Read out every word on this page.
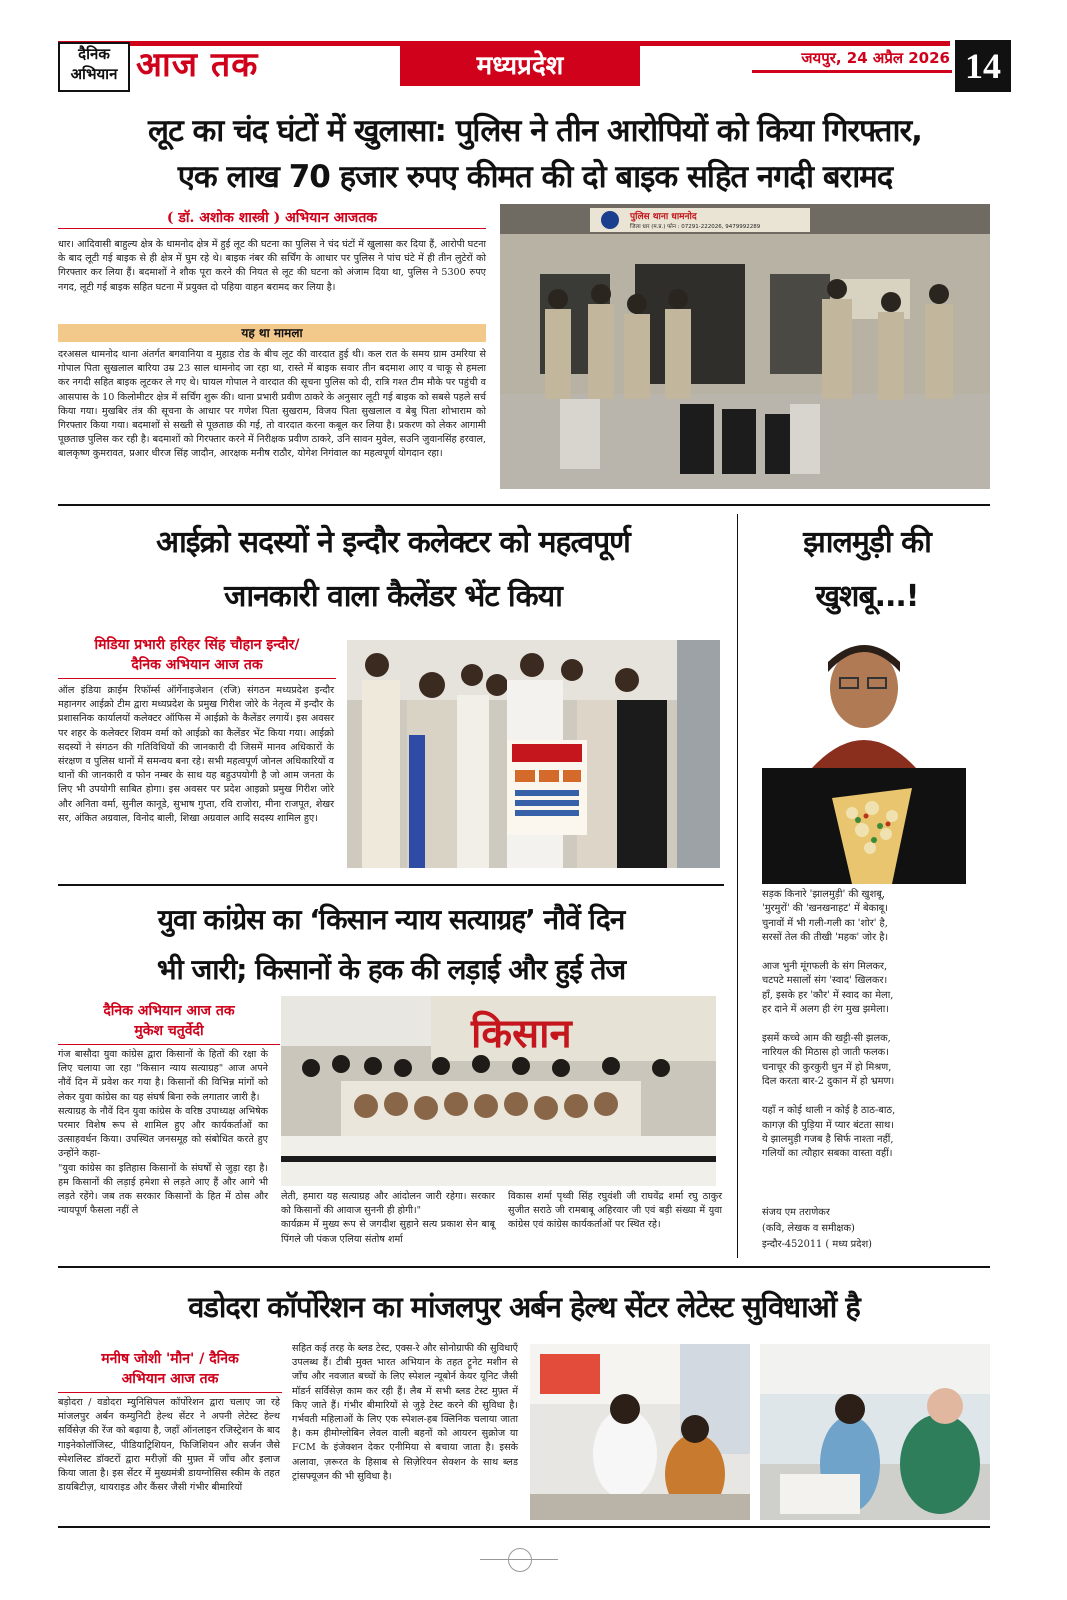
दैनिक
अभियान आज तक	मध्यप्रदेश	जयपुर, 24 अप्रैल 2026 14
लूट का चंद घंटों में खुलासा: पुलिस ने तीन आरोपियों को किया गिरफ्तार,
एक लाख 70 हजार रुपए कीमत की दो बाइक सहित नगदी बरामद
( डॉ. अशोक शास्त्री ) अभियान आजतक
धार। आदिवासी बाहुल्य क्षेत्र के धामनोद क्षेत्र में हुई लूट की घटना का पुलिस ने चंद घंटों में खुलासा कर दिया हैं, आरोपी घटना के बाद लूटी गई बाइक से ही क्षेत्र में घुम रहे थे। बाइक नंबर की सर्चिंग के आधार पर पुलिस ने पांच घंटे में ही तीन लुटेरों को गिरफ्तार कर लिया हैं। बदमाशों ने शौक पूरा करने की नियत से लूट की घटना को अंजाम दिया था, पुलिस ने 5300 रुपए नगद, लूटी गई बाइक सहित घटना में प्रयुक्त दो पहिया वाहन बरामद कर लिया है।
यह था मामला
दरअसल धामनोद थाना अंतर्गत बगवानिया व मुहाड रोड के बीच लूट की वारदात हुई थी। कल रात के समय ग्राम उमरिया से गोपाल पिता सुखलाल बारिया उम्र 23 साल धामनोद जा रहा था, रास्ते में बाइक सवार तीन बदमाश आए व चाकू से हमला कर नगदी सहित बाइक लूटकर ले गए थे। घायल गोपाल ने वारदात की सूचना पुलिस को दी, रात्रि गश्त टीम मौके पर पहुंची व आसपास के 10 किलोमीटर क्षेत्र में सर्चिंग शुरू की। थाना प्रभारी प्रवीण ठाकरे के अनुसार लूटी गई बाइक को सबसे पहले सर्च किया गया। मुखबिर तंत्र की सूचना के आधार पर गणेश पिता सुखराम, विजय पिता सुखलाल व बेबु पिता शोभाराम को गिरफ्तार किया गया। बदमाशों से सख्ती से पूछताछ की गई, तो वारदात करना कबूल कर लिया है। प्रकरण को लेकर आगामी पूछताछ पुलिस कर रही है। बदमाशों को गिरफ्तार करने में निरीक्षक प्रवीण ठाकरे, उनि सावन मुवेल, सउनि जुवानसिंह हरवाल, बालकृष्ण कुमरावत, प्रआर धीरज सिंह जादौन, आरक्षक मनीष राठौर, योगेश निगंवाल का महत्वपूर्ण योगदान रहा।
पुलिस थाना धामनोद
जिला धार (म.प्र.) फोन : 07291-222026, 9479992289
आईक्रो सदस्यों ने इन्दौर कलेक्टर को महत्वपूर्ण
जानकारी वाला कैलेंडर भेंट किया
मिडिया प्रभारी हरिहर सिंह चौहान इन्दौर/
दैनिक अभियान आज तक
ऑल इंडिया क्राईम रिफॉर्म्स ऑर्गेनाइजेशन (रजि) संगठन मध्यप्रदेश इन्दौर महानगर आईक्रो टीम द्वारा मध्यप्रदेश के प्रमुख गिरीश जोरे के नेतृत्व में इन्दौर के प्रशासनिक कार्यालयों कलेक्टर ऑफिस में आईक्रो के कैलेंडर लगायें। इस अवसर पर शहर के कलेक्टर शिवम वर्मा को आईक्रो का कैलेंडर भेंट किया गया। आईक्रो सदस्यों ने संगठन की गतिविधियों की जानकारी दी जिसमें मानव अधिकारों के संरक्षण व पुलिस थानों में समन्वय बना रहे। सभी महत्वपूर्ण जोनल अधिकारियों व थानों की जानकारी व फोन नम्बर के साथ यह बहुउपयोगी है जो आम जनता के लिए भी उपयोगी साबित होगा। इस अवसर पर प्रदेश आइक्रो प्रमुख गिरीश जोरे और अनिता वर्मा, सुनील कानूडे, सुभाष गुप्ता, रवि राजोरा, मीना राजपूत, शेखर सर, अंकित अग्रवाल, विनोद बाली, शिखा अग्रवाल आदि सदस्य शामिल हुए।
झालमुड़ी की
खुशबू...!
सड़क किनारे 'झालमुड़ी' की खुशबू,
'मुरमुरों' की 'खनखनाहट' में बेकाबू।
चुनावों में भी गली-गली का 'शोर' है,
सरसों तेल की तीखी 'महक' जोर है।

आज भुनी मूंगफली के संग मिलकर,
चटपटे मसालों संग 'स्वाद' खिलकर।
हाँ, इसके हर 'कौर' में स्वाद का मेला,
हर दाने में अलग ही रंग मुख झमेला।

इसमें कच्चे आम की खट्टी-सी झलक,
नारियल की मिठास हो जाती फलक।
चनाचूर की कुरकुरी धुन में हो मिश्रण,
दिल करता बार-2 दुकान में हो भ्रमण।

यहाँ न कोई थाली न कोई है ठाठ-बाठ,
कागज़ की पुड़िया में प्यार बंटता साथ।
ये झालमुड़ी गजब है सिर्फ नाश्ता नहीं,
गलियों का त्यौहार सबका वास्ता वहीं।
संजय एम तराणेकर
(कवि, लेखक व समीक्षक)
इन्दौर-452011 ( मध्य प्रदेश)
युवा कांग्रेस का ‘किसान न्याय सत्याग्रह’ नौवें दिन
भी जारी; किसानों के हक की लड़ाई और हुई तेज
दैनिक अभियान आज तक
मुकेश चतुर्वेदी
गंज बासौदा युवा कांग्रेस द्वारा किसानों के हितों की रक्षा के लिए चलाया जा रहा "किसान न्याय सत्याग्रह" आज अपने नौवें दिन में प्रवेश कर गया है। किसानों की विभिन्न मांगों को लेकर युवा कांग्रेस का यह संघर्ष बिना रुके लगातार जारी है।
सत्याग्रह के नौवें दिन युवा कांग्रेस के वरिष्ठ उपाध्यक्ष अभिषेक परमार विशेष रूप से शामिल हुए और कार्यकर्ताओं का उत्साहवर्धन किया। उपस्थित जनसमूह को संबोधित करते हुए उन्होंने कहा-
"युवा कांग्रेस का इतिहास किसानों के संघर्षों से जुड़ा रहा है। हम किसानों की लड़ाई हमेशा से लड़ते आए हैं और आगे भी लड़ते रहेंगे। जब तक सरकार किसानों के हित में ठोस और न्यायपूर्ण फैसला नहीं ले
किसान
लेती, हमारा यह सत्याग्रह और आंदोलन जारी रहेगा। सरकार को किसानों की आवाज सुननी ही होगी।"
कार्यक्रम में मुख्य रूप से जगदीश सुहाने सत्य प्रकाश सेन बाबू पिंगले जी पंकज एलिया संतोष शर्मा
विकास शर्मा पृथ्वी सिंह रघुवंशी जी राघवेंद्र शर्मा रघु ठाकुर सुजीत सराठे जी रामबाबू अहिरवार जी एवं बड़ी संख्या में युवा कांग्रेस एवं कांग्रेस कार्यकर्ताओं पर स्थित रहे।
वडोदरा कॉर्पोरेशन का मांजलपुर अर्बन हेल्थ सेंटर लेटेस्ट सुविधाओं है
मनीष जोशी 'मौन' / दैनिक
अभियान आज तक
बड़ोदरा / वडोदरा म्युनिसिपल कॉर्पोरेशन द्वारा चलाए जा रहे मांजलपुर अर्बन कम्युनिटी हेल्थ सेंटर ने अपनी लेटेस्ट हेल्थ सर्विसेज़ की रेंज को बढ़ाया है, जहाँ ऑनलाइन रजिस्ट्रेशन के बाद गाइनेकोलॉजिस्ट, पीडियाट्रिशियन, फिजिशियन और सर्जन जैसे स्पेशलिस्ट डॉक्टरों द्वारा मरीज़ों की मुफ़्त में जाँच और इलाज किया जाता है। इस सेंटर में मुख्यमंत्री डायग्नोसिस स्कीम के तहत डायबिटीज़, थायराइड और कैंसर जैसी गंभीर बीमारियों
सहित कई तरह के ब्लड टेस्ट, एक्स-रे और सोनोग्राफी की सुविधाएँ उपलब्ध हैं। टीबी मुक्त भारत अभियान के तहत ट्रूनेट मशीन से जाँच और नवजात बच्चों के लिए स्पेशल न्यूबोर्न केयर यूनिट जैसी मॉडर्न सर्विसेज़ काम कर रही हैं। लैब में सभी ब्लड टेस्ट मुफ़्त में किए जाते हैं। गंभीर बीमारियों से जुड़े टेस्ट करने की सुविधा है। गर्भवती महिलाओं के लिए एक स्पेशल-हब क्लिनिक चलाया जाता है। कम हीमोग्लोबिन लेवल वाली बहनों को आयरन सुक्रोज या FCM के इंजेक्शन देकर एनीमिया से बचाया जाता है। इसके अलावा, ज़रूरत के हिसाब से सिज़ेरियन सेक्शन के साथ ब्लड ट्रांसफ्यूजन की भी सुविधा है।
